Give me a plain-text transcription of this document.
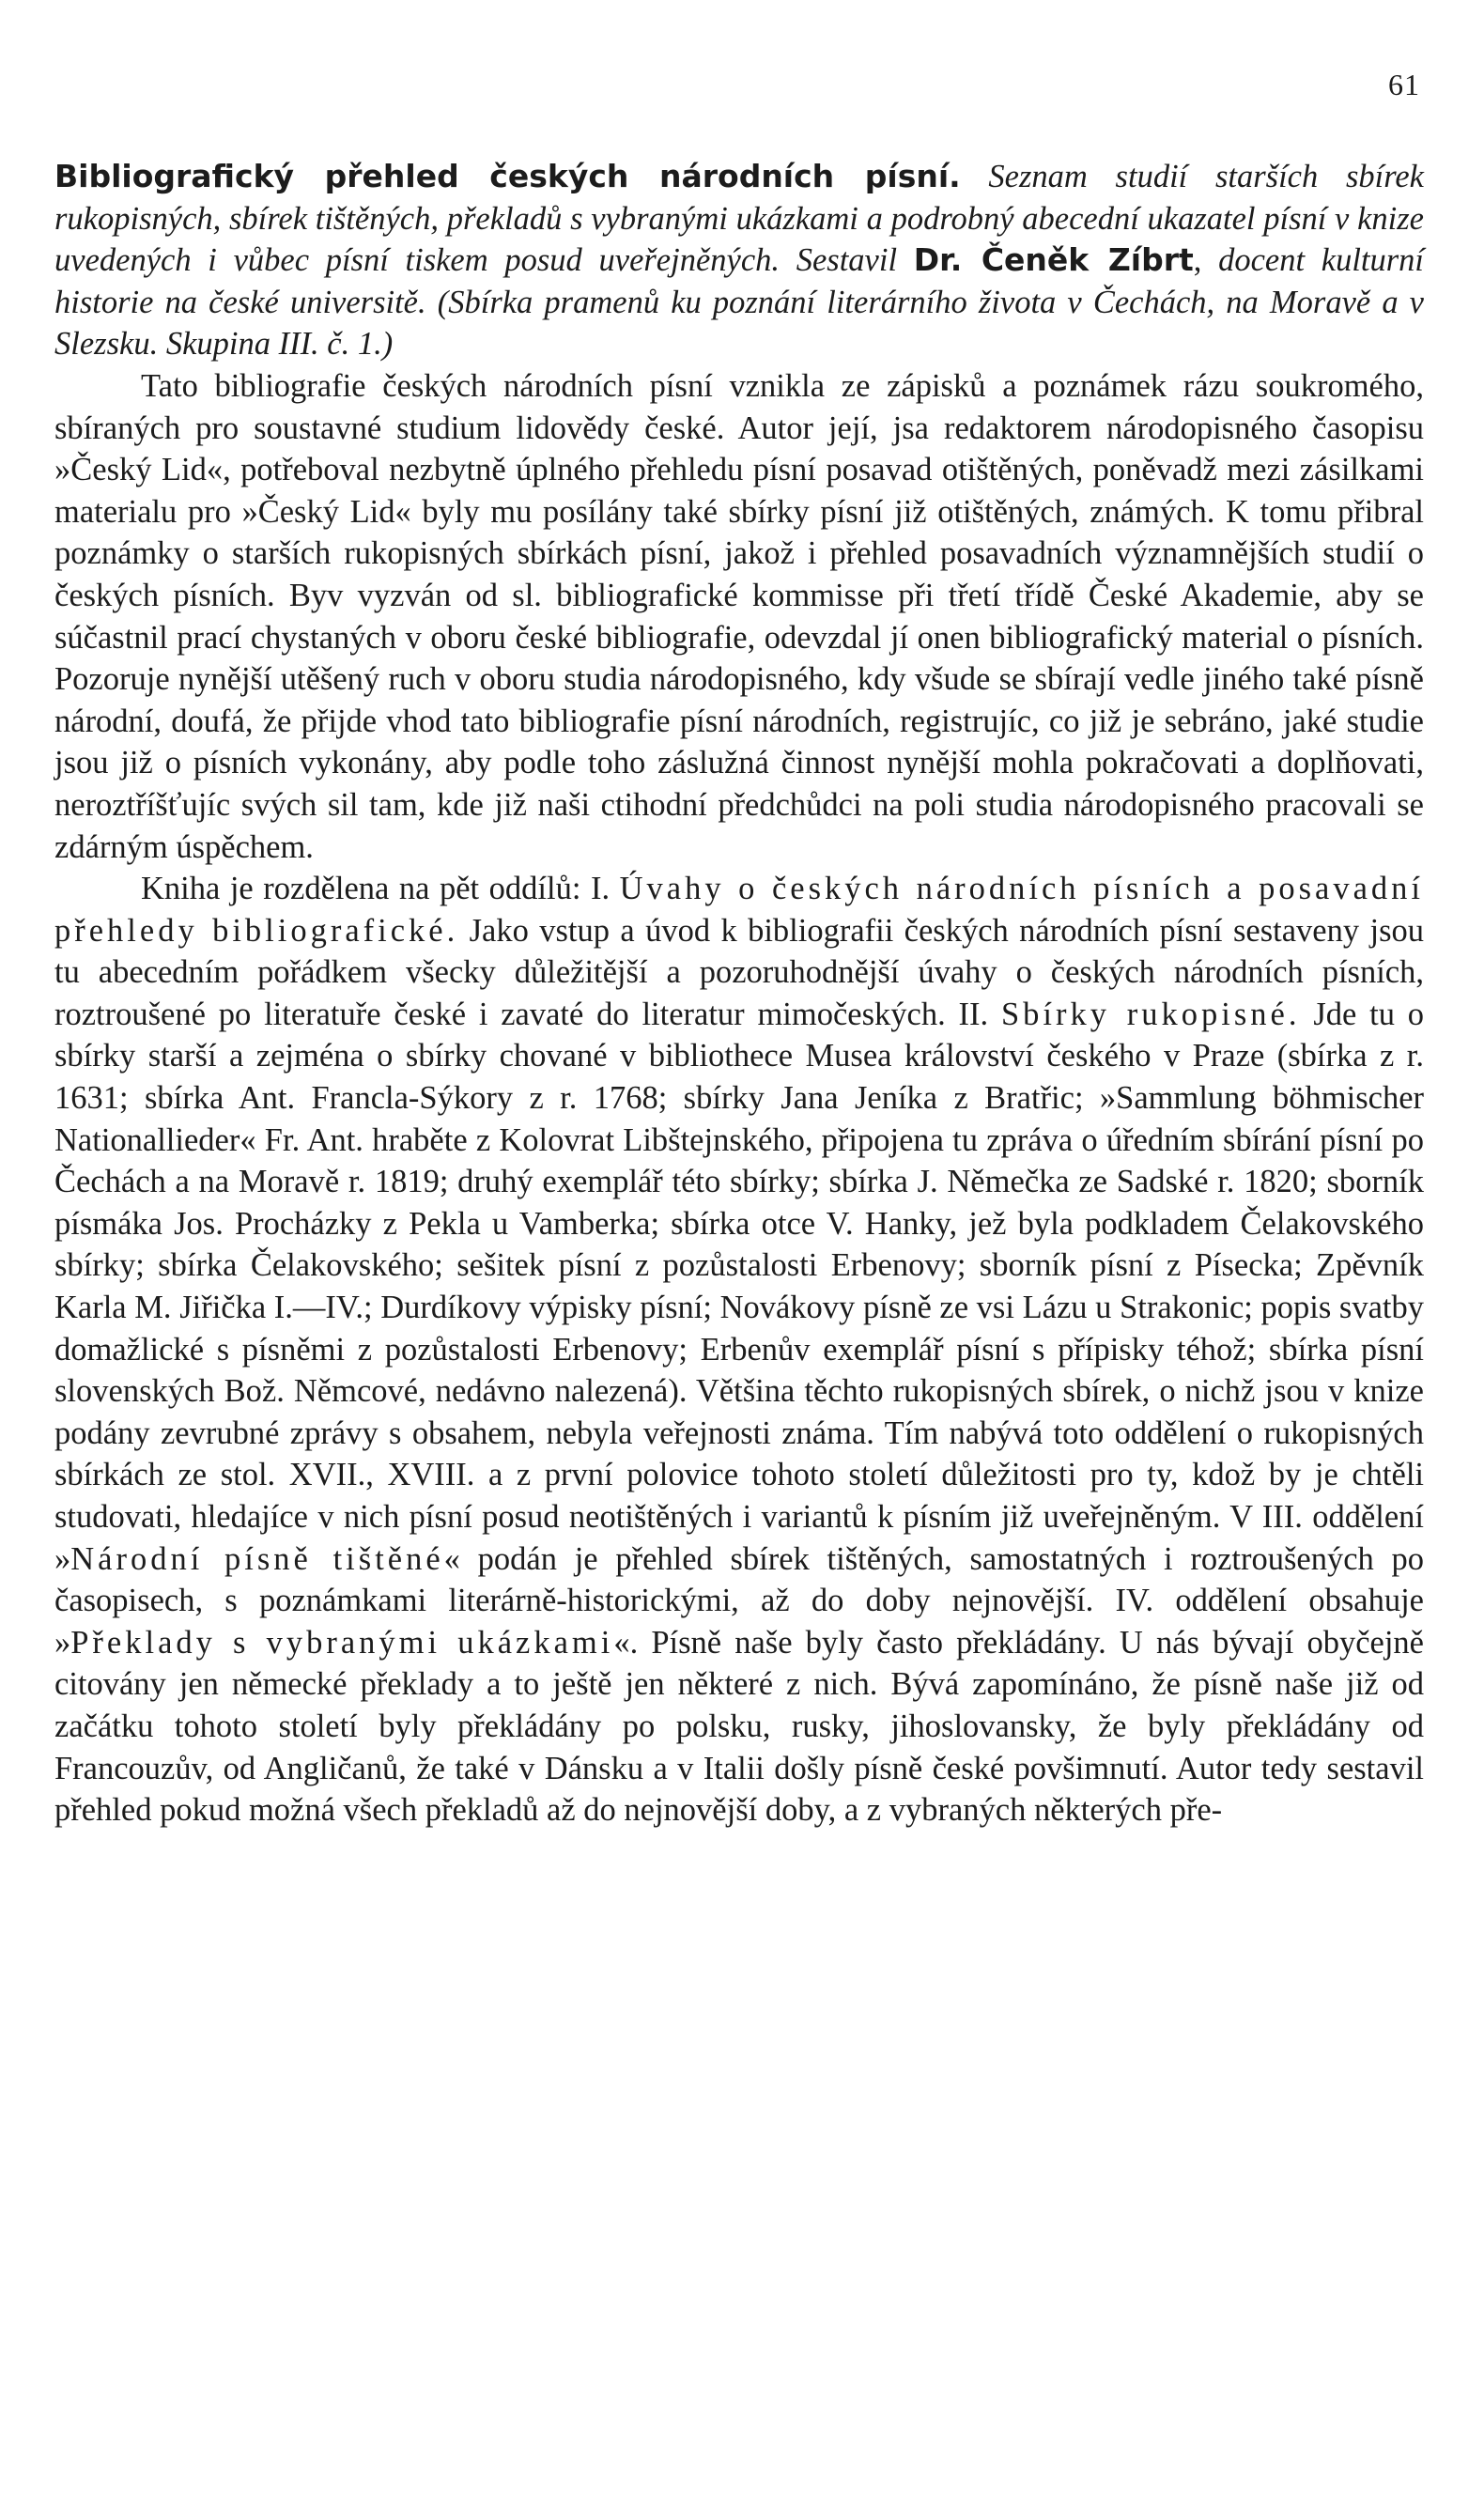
61

Bibliografický přehled českých národních písní. Seznam studií starších sbírek rukopisných, sbírek tištěných, překladů s vybranými ukázkami a podrobný abecední ukazatel písní v knize uvedených i vůbec písní tiskem posud uveřejněných. Sestavil Dr. Čeněk Zíbrt, docent kulturní historie na české universitě. (Sbírka pramenů ku poznání literárního života v Čechách, na Moravě a v Slezsku. Skupina III. č. 1.)

Tato bibliografie českých národních písní vznikla ze zápisků a poznámek rázu soukromého, sbíraných pro soustavné studium lidovědy české. Autor její, jsa redaktorem národopisného časopisu »Český Lid«, potřeboval nezbytně úplného přehledu písní posavad otištěných, poněvadž mezi zásilkami materialu pro »Český Lid« byly mu posílány také sbírky písní již otištěných, známých. K tomu přibral poznámky o starších rukopisných sbírkách písní, jakož i přehled posavadních významnějších studií o českých písních. Byv vyzván od sl. bibliografické kommisse při třetí třídě České Akademie, aby se súčastnil prací chystaných v oboru české bibliografie, odevzdal jí onen bibliografický material o písních. Pozoruje nynější utěšený ruch v oboru studia národopisného, kdy všude se sbírají vedle jiného také písně národní, doufá, že přijde vhod tato bibliografie písní národních, registrujíc, co již je sebráno, jaké studie jsou již o písních vykonány, aby podle toho záslužná činnost nynější mohla pokračovati a doplňovati, neroztříšťujíc svých sil tam, kde již naši ctihodní předchůdci na poli studia národopisného pracovali se zdárným úspěchem.

Kniha je rozdělena na pět oddílů: I. Úvahy o českých národních písních a posavadní přehledy bibliografické. Jako vstup a úvod k bibliografii českých národních písní sestaveny jsou tu abecedním pořádkem všecky důležitější a pozoruhodnější úvahy o českých národních písních, roztroušené po literatuře české i zavaté do literatur mimočeských. II. Sbírky rukopisné. Jde tu o sbírky starší a zejména o sbírky chované v bibliothece Musea království českého v Praze (sbírka z r. 1631; sbírka Ant. Francla-Sýkory z r. 1768; sbírky Jana Jeníka z Bratřic; »Sammlung böhmischer Nationallieder« Fr. Ant. hraběte z Kolovrat Libštejnského, připojena tu zpráva o úředním sbírání písní po Čechách a na Moravě r. 1819; druhý exemplář této sbírky; sbírka J. Němečka ze Sadské r. 1820; sborník písmáka Jos. Procházky z Pekla u Vamberka; sbírka otce V. Hanky, jež byla podkladem Čelakovského sbírky; sbírka Čelakovského; sešitek písní z pozůstalosti Erbenovy; sborník písní z Písecka; Zpěvník Karla M. Jiřička I.—IV.; Durdíkovy výpisky písní; Novákovy písně ze vsi Lázu u Strakonic; popis svatby domažlické s písněmi z pozůstalosti Erbenovy; Erbenův exemplář písní s přípisky téhož; sbírka písní slovenských Bož. Němcové, nedávno nalezená). Většina těchto rukopisných sbírek, o nichž jsou v knize podány zevrubné zprávy s obsahem, nebyla veřejnosti známa. Tím nabývá toto oddělení o rukopisných sbírkách ze stol. XVII., XVIII. a z první polovice tohoto století důležitosti pro ty, kdož by je chtěli studovati, hledajíce v nich písní posud neotištěných i variantů k písním již uveřejněným. V III. oddělení »Národní písně tištěné« podán je přehled sbírek tištěných, samostatných i roztroušených po časopisech, s poznámkami literárně-historickými, až do doby nejnovější. IV. oddělení obsahuje »Překlady s vybranými ukázkami«. Písně naše byly často překládány. U nás bývají obyčejně citovány jen německé překlady a to ještě jen některé z nich. Bývá zapomínáno, že písně naše již od začátku tohoto století byly překládány po polsku, rusky, jihoslovansky, že byly překládány od Francouzův, od Angličanů, že také v Dánsku a v Italii došly písně české povšimnutí. Autor tedy sestavil přehled pokud možná všech překladů až do nejnovější doby, a z vybraných některých pře-
